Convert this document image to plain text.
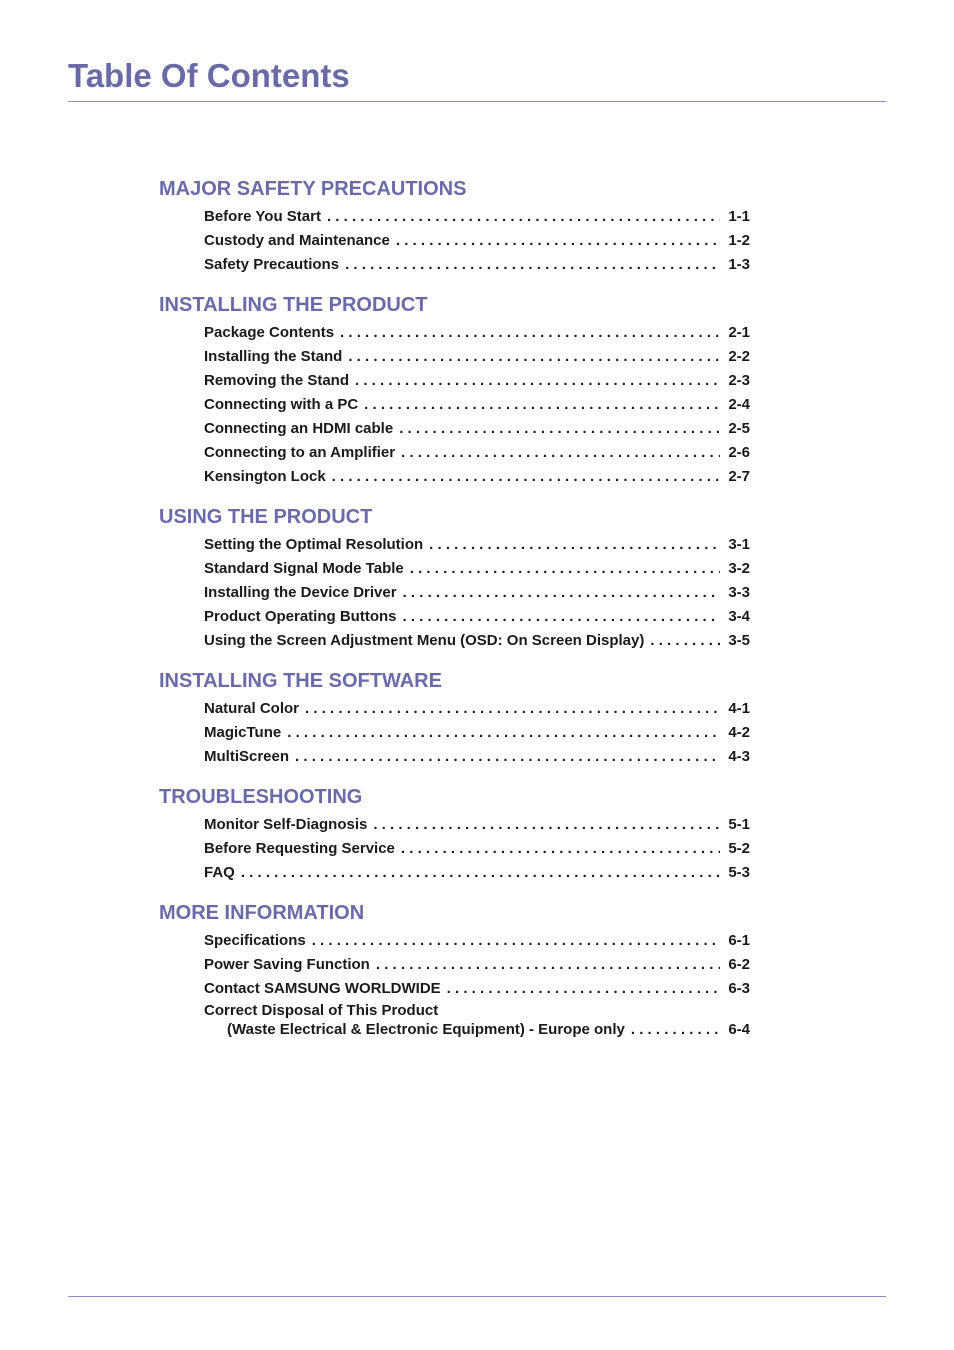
Table Of Contents
MAJOR SAFETY PRECAUTIONS
Before You Start . . .	1-1
Custody and Maintenance . . .	1-2
Safety Precautions . . .	1-3
INSTALLING THE PRODUCT
Package Contents . . .	2-1
Installing the Stand . . .	2-2
Removing the Stand . . .	2-3
Connecting with a PC . . .	2-4
Connecting an HDMI cable . . .	2-5
Connecting to an Amplifier . . .	2-6
Kensington Lock . . .	2-7
USING THE PRODUCT
Setting the Optimal Resolution . . .	3-1
Standard Signal Mode Table . . .	3-2
Installing the Device Driver . . .	3-3
Product Operating Buttons . . .	3-4
Using the Screen Adjustment Menu (OSD: On Screen Display) . . .	3-5
INSTALLING THE SOFTWARE
Natural Color . . .	4-1
MagicTune . . .	4-2
MultiScreen . . .	4-3
TROUBLESHOOTING
Monitor Self-Diagnosis . . .	5-1
Before Requesting Service . . .	5-2
FAQ . . .	5-3
MORE INFORMATION
Specifications . . .	6-1
Power Saving Function . . .	6-2
Contact SAMSUNG WORLDWIDE . . .	6-3
Correct Disposal of This Product
(Waste Electrical & Electronic Equipment) - Europe only . . .	6-4
